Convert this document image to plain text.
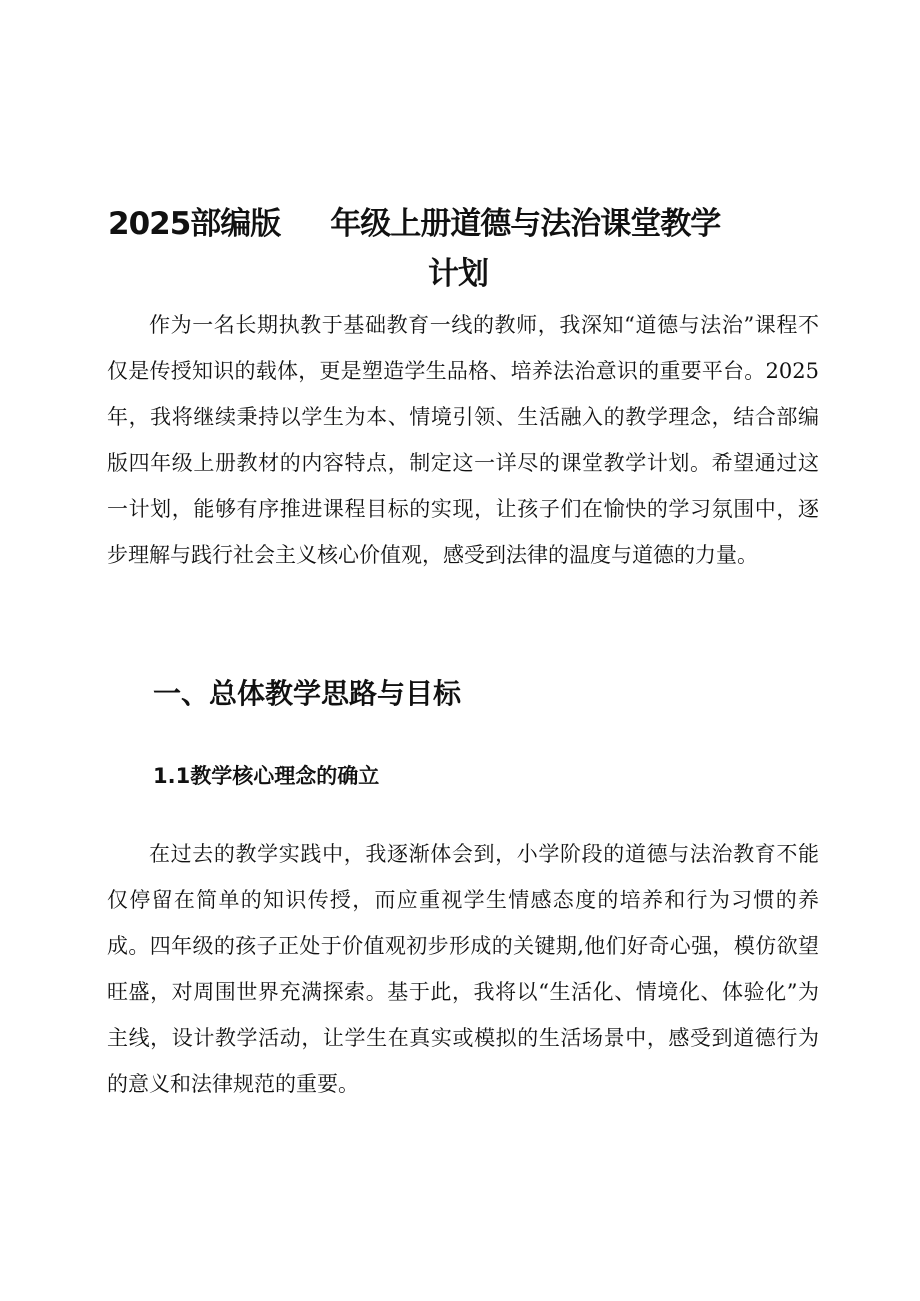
2025部编版 年级上册道德与法治课堂教学
计划

作为一名长期执教于基础教育一线的教师，我深知“道德与法治”课程不仅是传授知识的载体，更是塑造学生品格、培养法治意识的重要平台。2025年，我将继续秉持以学生为本、情境引领、生活融入的教学理念，结合部编版四年级上册教材的内容特点，制定这一详尽的课堂教学计划。希望通过这一计划，能够有序推进课程目标的实现，让孩子们在愉快的学习氛围中，逐步理解与践行社会主义核心价值观，感受到法律的温度与道德的力量。

一、总体教学思路与目标
1.1教学核心理念的确立

在过去的教学实践中，我逐渐体会到，小学阶段的道德与法治教育不能仅停留在简单的知识传授，而应重视学生情感态度的培养和行为习惯的养成。四年级的孩子正处于价值观初步形成的关键期,他们好奇心强，模仿欲望旺盛，对周围世界充满探索。基于此，我将以“生活化、情境化、体验化”为主线，设计教学活动，让学生在真实或模拟的生活场景中，感受到道德行为的意义和法律规范的重要。
